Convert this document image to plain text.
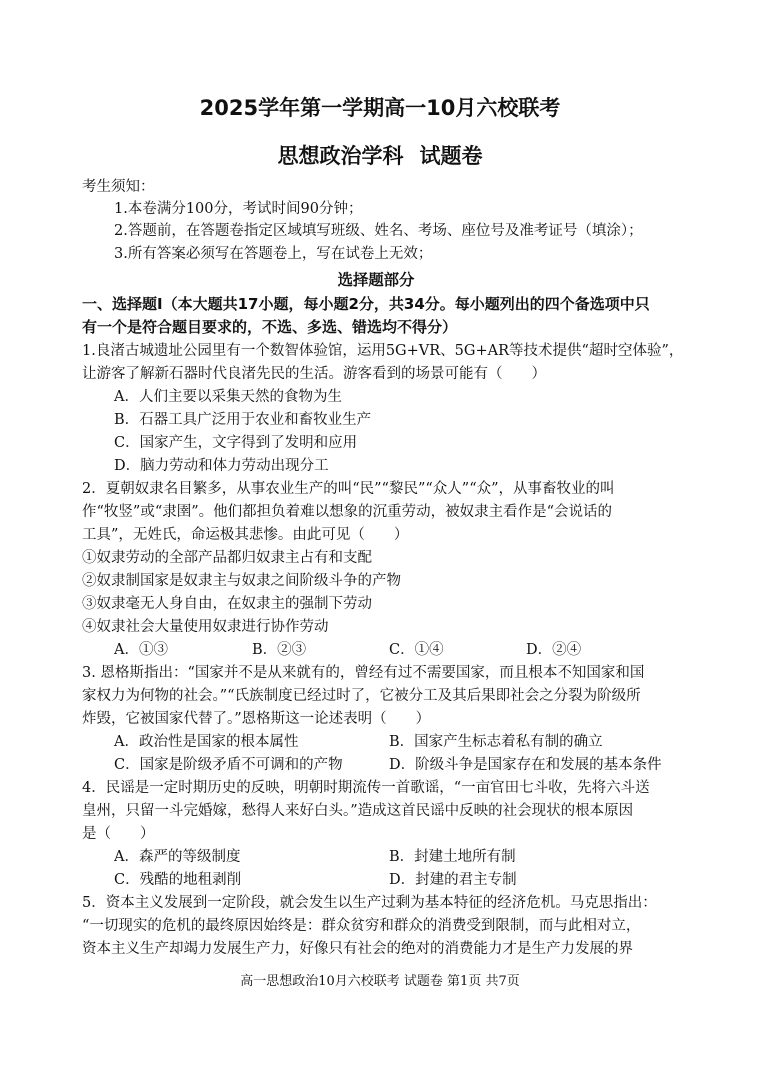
2025学年第一学期高一10月六校联考
思想政治学科 试题卷
考生须知：
1.本卷满分100分，考试时间90分钟；
2.答题前，在答题卷指定区域填写班级、姓名、考场、座位号及准考证号（填涂）；
3.所有答案必须写在答题卷上，写在试卷上无效；
选择题部分
一、选择题Ⅰ（本大题共17小题，每小题2分，共34分。每小题列出的四个备选项中只
有一个是符合题目要求的，不选、多选、错选均不得分）
1.良渚古城遗址公园里有一个数智体验馆，运用5G+VR、5G+AR等技术提供“超时空体验”，
让游客了解新石器时代良渚先民的生活。游客看到的场景可能有（　　）
A．人们主要以采集天然的食物为生
B．石器工具广泛用于农业和畜牧业生产
C．国家产生，文字得到了发明和应用
D．脑力劳动和体力劳动出现分工
2．夏朝奴隶名目繁多，从事农业生产的叫“民”“黎民”“众人”“众”，从事畜牧业的叫
作“牧竖”或“隶圉”。他们都担负着难以想象的沉重劳动，被奴隶主看作是“会说话的
工具”，无姓氏，命运极其悲惨。由此可见（　　）
①奴隶劳动的全部产品都归奴隶主占有和支配
②奴隶制国家是奴隶主与奴隶之间阶级斗争的产物
③奴隶毫无人身自由，在奴隶主的强制下劳动
④奴隶社会大量使用奴隶进行协作劳动
A．①③	B．②③	C．①④	D．②④
3. 恩格斯指出：“国家并不是从来就有的，曾经有过不需要国家，而且根本不知国家和国
家权力为何物的社会。”“氏族制度已经过时了，它被分工及其后果即社会之分裂为阶级所
炸毁，它被国家代替了。”恩格斯这一论述表明（　　）
A．政治性是国家的根本属性	B．国家产生标志着私有制的确立
C．国家是阶级矛盾不可调和的产物	D．阶级斗争是国家存在和发展的基本条件
4．民谣是一定时期历史的反映，明朝时期流传一首歌谣，“一亩官田七斗收，先将六斗送
皇州，只留一斗完婚嫁，愁得人来好白头。”造成这首民谣中反映的社会现状的根本原因
是（　　）
A．森严的等级制度	B．封建土地所有制
C．残酷的地租剥削	D．封建的君主专制
5．资本主义发展到一定阶段，就会发生以生产过剩为基本特征的经济危机。马克思指出：
“一切现实的危机的最终原因始终是：群众贫穷和群众的消费受到限制，而与此相对立，
资本主义生产却竭力发展生产力，好像只有社会的绝对的消费能力才是生产力发展的界
高一思想政治10月六校联考 试题卷 第1页 共7页
